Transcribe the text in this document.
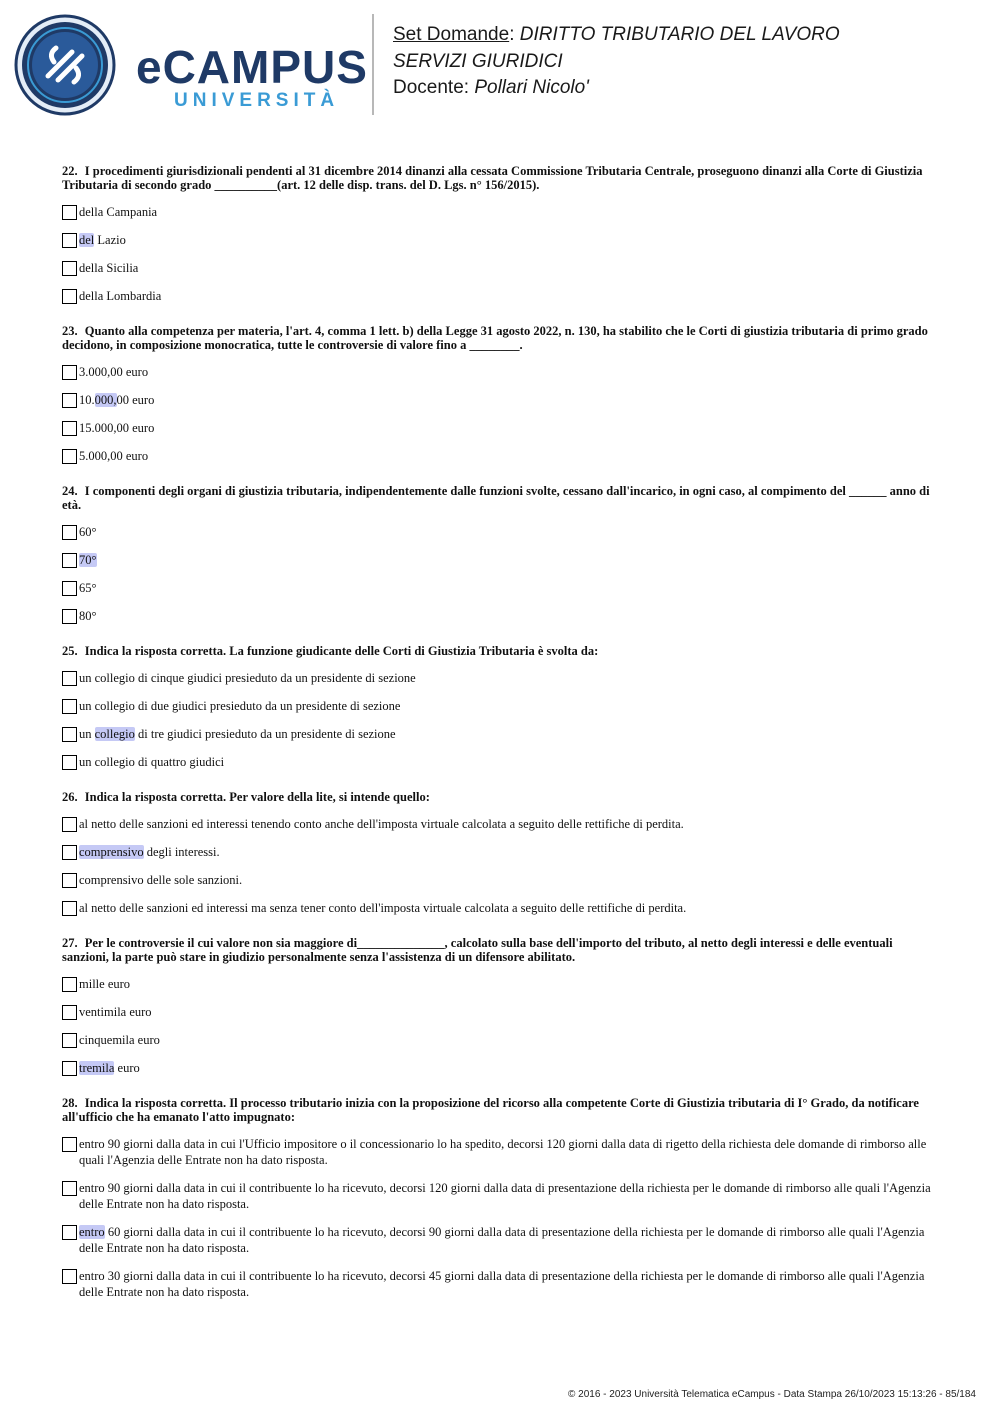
eCAMPUS
UNIVERSITÀ
Set Domande: DIRITTO TRIBUTARIO DEL LAVORO
SERVIZI GIURIDICI
Docente: Pollari Nicolo'
22. I procedimenti giurisdizionali pendenti al 31 dicembre 2014 dinanzi alla cessata Commissione Tributaria Centrale, proseguono dinanzi alla Corte di Giustizia Tributaria di secondo grado __________(art. 12 delle disp. trans. del D. Lgs. n° 156/2015).
della Campania
del Lazio
della Sicilia
della Lombardia
23. Quanto alla competenza per materia, l'art. 4, comma 1 lett. b) della Legge 31 agosto 2022, n. 130, ha stabilito che le Corti di giustizia tributaria di primo grado decidono, in composizione monocratica, tutte le controversie di valore fino a ________.
3.000,00 euro
10.000,00 euro
15.000,00 euro
5.000,00 euro
24. I componenti degli organi di giustizia tributaria, indipendentemente dalle funzioni svolte, cessano dall'incarico, in ogni caso, al compimento del ______ anno di età.
60°
70°
65°
80°
25. Indica la risposta corretta. La funzione giudicante delle Corti di Giustizia Tributaria è svolta da:
un collegio di cinque giudici presieduto da un presidente di sezione
un collegio di due giudici presieduto da un presidente di sezione
un collegio di tre giudici presieduto da un presidente di sezione
un collegio di quattro giudici
26. Indica la risposta corretta. Per valore della lite, si intende quello:
al netto delle sanzioni ed interessi tenendo conto anche dell'imposta virtuale calcolata a seguito delle rettifiche di perdita.
comprensivo degli interessi.
comprensivo delle sole sanzioni.
al netto delle sanzioni ed interessi ma senza tener conto dell'imposta virtuale calcolata a seguito delle rettifiche di perdita.
27. Per le controversie il cui valore non sia maggiore di______________, calcolato sulla base dell'importo del tributo, al netto degli interessi e delle eventuali sanzioni, la parte può stare in giudizio personalmente senza l'assistenza di un difensore abilitato.
mille euro
ventimila euro
cinquemila euro
tremila euro
28. Indica la risposta corretta. Il processo tributario inizia con la proposizione del ricorso alla competente Corte di Giustizia tributaria di I° Grado, da notificare all'ufficio che ha emanato l'atto impugnato:
entro 90 giorni dalla data in cui l'Ufficio impositore o il concessionario lo ha spedito, decorsi 120 giorni dalla data di rigetto della richiesta dele domande di rimborso alle quali l'Agenzia delle Entrate non ha dato risposta.
entro 90 giorni dalla data in cui il contribuente lo ha ricevuto, decorsi 120 giorni dalla data di presentazione della richiesta per le domande di rimborso alle quali l'Agenzia delle Entrate non ha dato risposta.
entro 60 giorni dalla data in cui il contribuente lo ha ricevuto, decorsi 90 giorni dalla data di presentazione della richiesta per le domande di rimborso alle quali l'Agenzia delle Entrate non ha dato risposta.
entro 30 giorni dalla data in cui il contribuente lo ha ricevuto, decorsi 45 giorni dalla data di presentazione della richiesta per le domande di rimborso alle quali l'Agenzia delle Entrate non ha dato risposta.
© 2016 - 2023 Università Telematica eCampus - Data Stampa 26/10/2023 15:13:26 - 85/184
